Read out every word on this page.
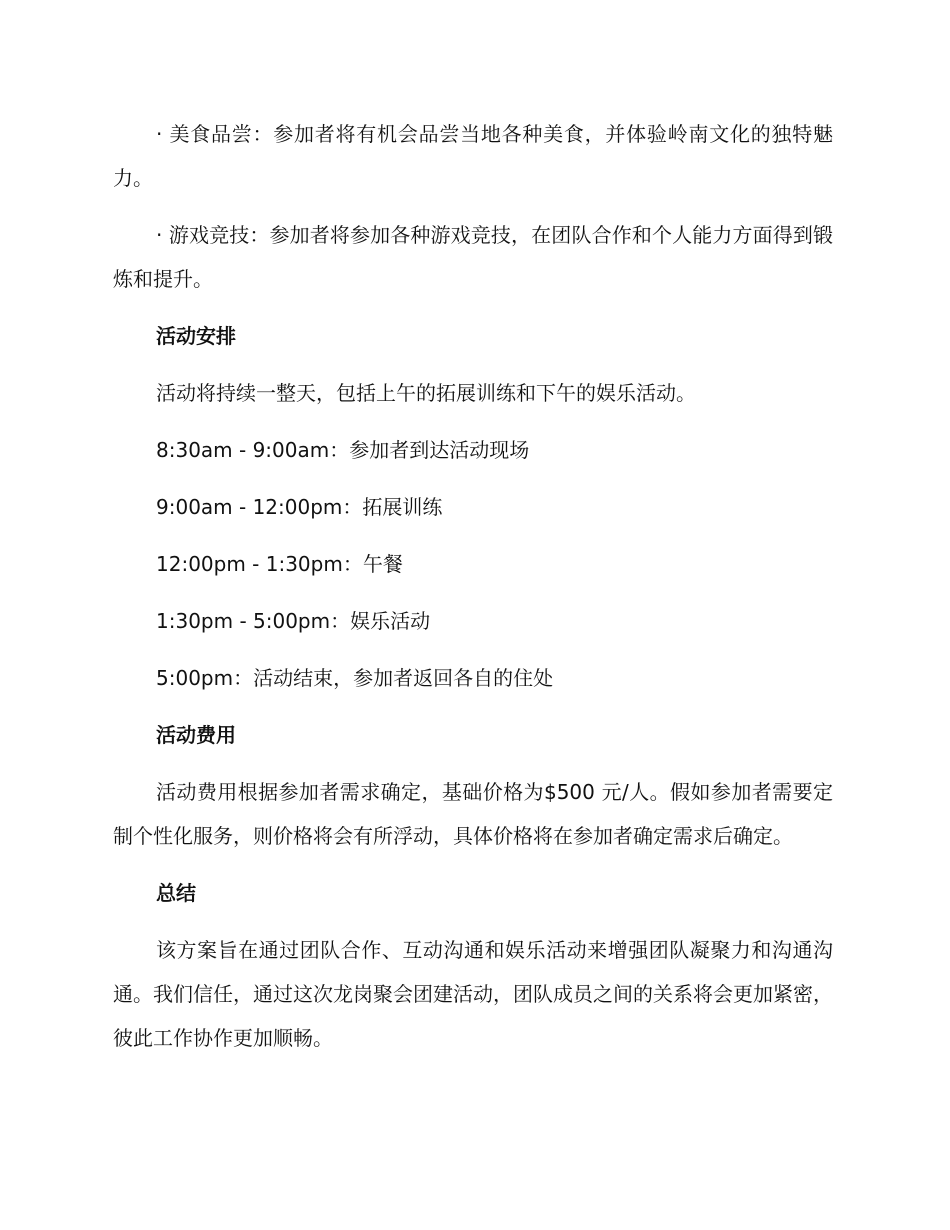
· 美食品尝：参加者将有机会品尝当地各种美食，并体验岭南文化的独特魅力。

· 游戏竞技：参加者将参加各种游戏竞技，在团队合作和个人能力方面得到锻炼和提升。

活动安排
活动将持续一整天，包括上午的拓展训练和下午的娱乐活动。
8:30am - 9:00am：参加者到达活动现场
9:00am - 12:00pm：拓展训练
12:00pm - 1:30pm：午餐
1:30pm - 5:00pm：娱乐活动
5:00pm：活动结束，参加者返回各自的住处
活动费用

活动费用根据参加者需求确定，基础价格为$500 元/人。假如参加者需要定制个性化服务，则价格将会有所浮动，具体价格将在参加者确定需求后确定。

总结

该方案旨在通过团队合作、互动沟通和娱乐活动来增强团队凝聚力和沟通沟通。我们信任，通过这次龙岗聚会团建活动，团队成员之间的关系将会更加紧密，彼此工作协作更加顺畅。
